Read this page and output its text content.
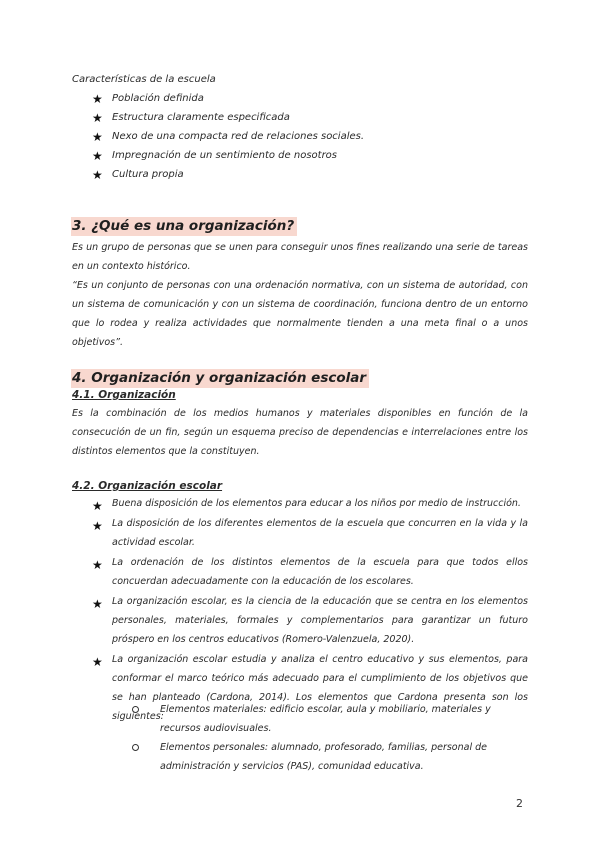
Características de la escuela
★ Población definida
★ Estructura claramente especificada
★ Nexo de una compacta red de relaciones sociales.
★ Impregnación de un sentimiento de nosotros
★ Cultura propia
3. ¿Qué es una organización?

Es un grupo de personas que se unen para conseguir unos fines realizando una serie de tareas en un contexto histórico.

“Es un conjunto de personas con una ordenación normativa, con un sistema de autoridad, con un sistema de comunicación y con un sistema de coordinación, funciona dentro de un entorno que lo rodea y realiza actividades que normalmente tienden a una meta final o a unos objetivos”.

4. Organización y organización escolar
4.1. Organización

Es la combinación de los medios humanos y materiales disponibles en función de la consecución de un fin, según un esquema preciso de dependencias e interrelaciones entre los distintos elementos que la constituyen.

4.2. Organización escolar
★ Buena disposición de los elementos para educar a los niños por medio de instrucción.
★ La disposición de los diferentes elementos de la escuela que concurren en la vida y la actividad escolar.
★ La ordenación de los distintos elementos de la escuela para que todos ellos concuerdan adecuadamente con la educación de los escolares.
★ La organización escolar, es la ciencia de la educación que se centra en los elementos personales, materiales, formales y complementarios para garantizar un futuro próspero en los centros educativos (Romero-Valenzuela, 2020).
★ La organización escolar estudia y analiza el centro educativo y sus elementos, para conformar el marco teórico más adecuado para el cumplimiento de los objetivos que se han planteado (Cardona, 2014). Los elementos que Cardona presenta son los siguientes:
Elementos materiales: edificio escolar, aula y mobiliario, materiales y recursos audiovisuales.
Elementos personales: alumnado, profesorado, familias, personal de administración y servicios (PAS), comunidad educativa.
2
